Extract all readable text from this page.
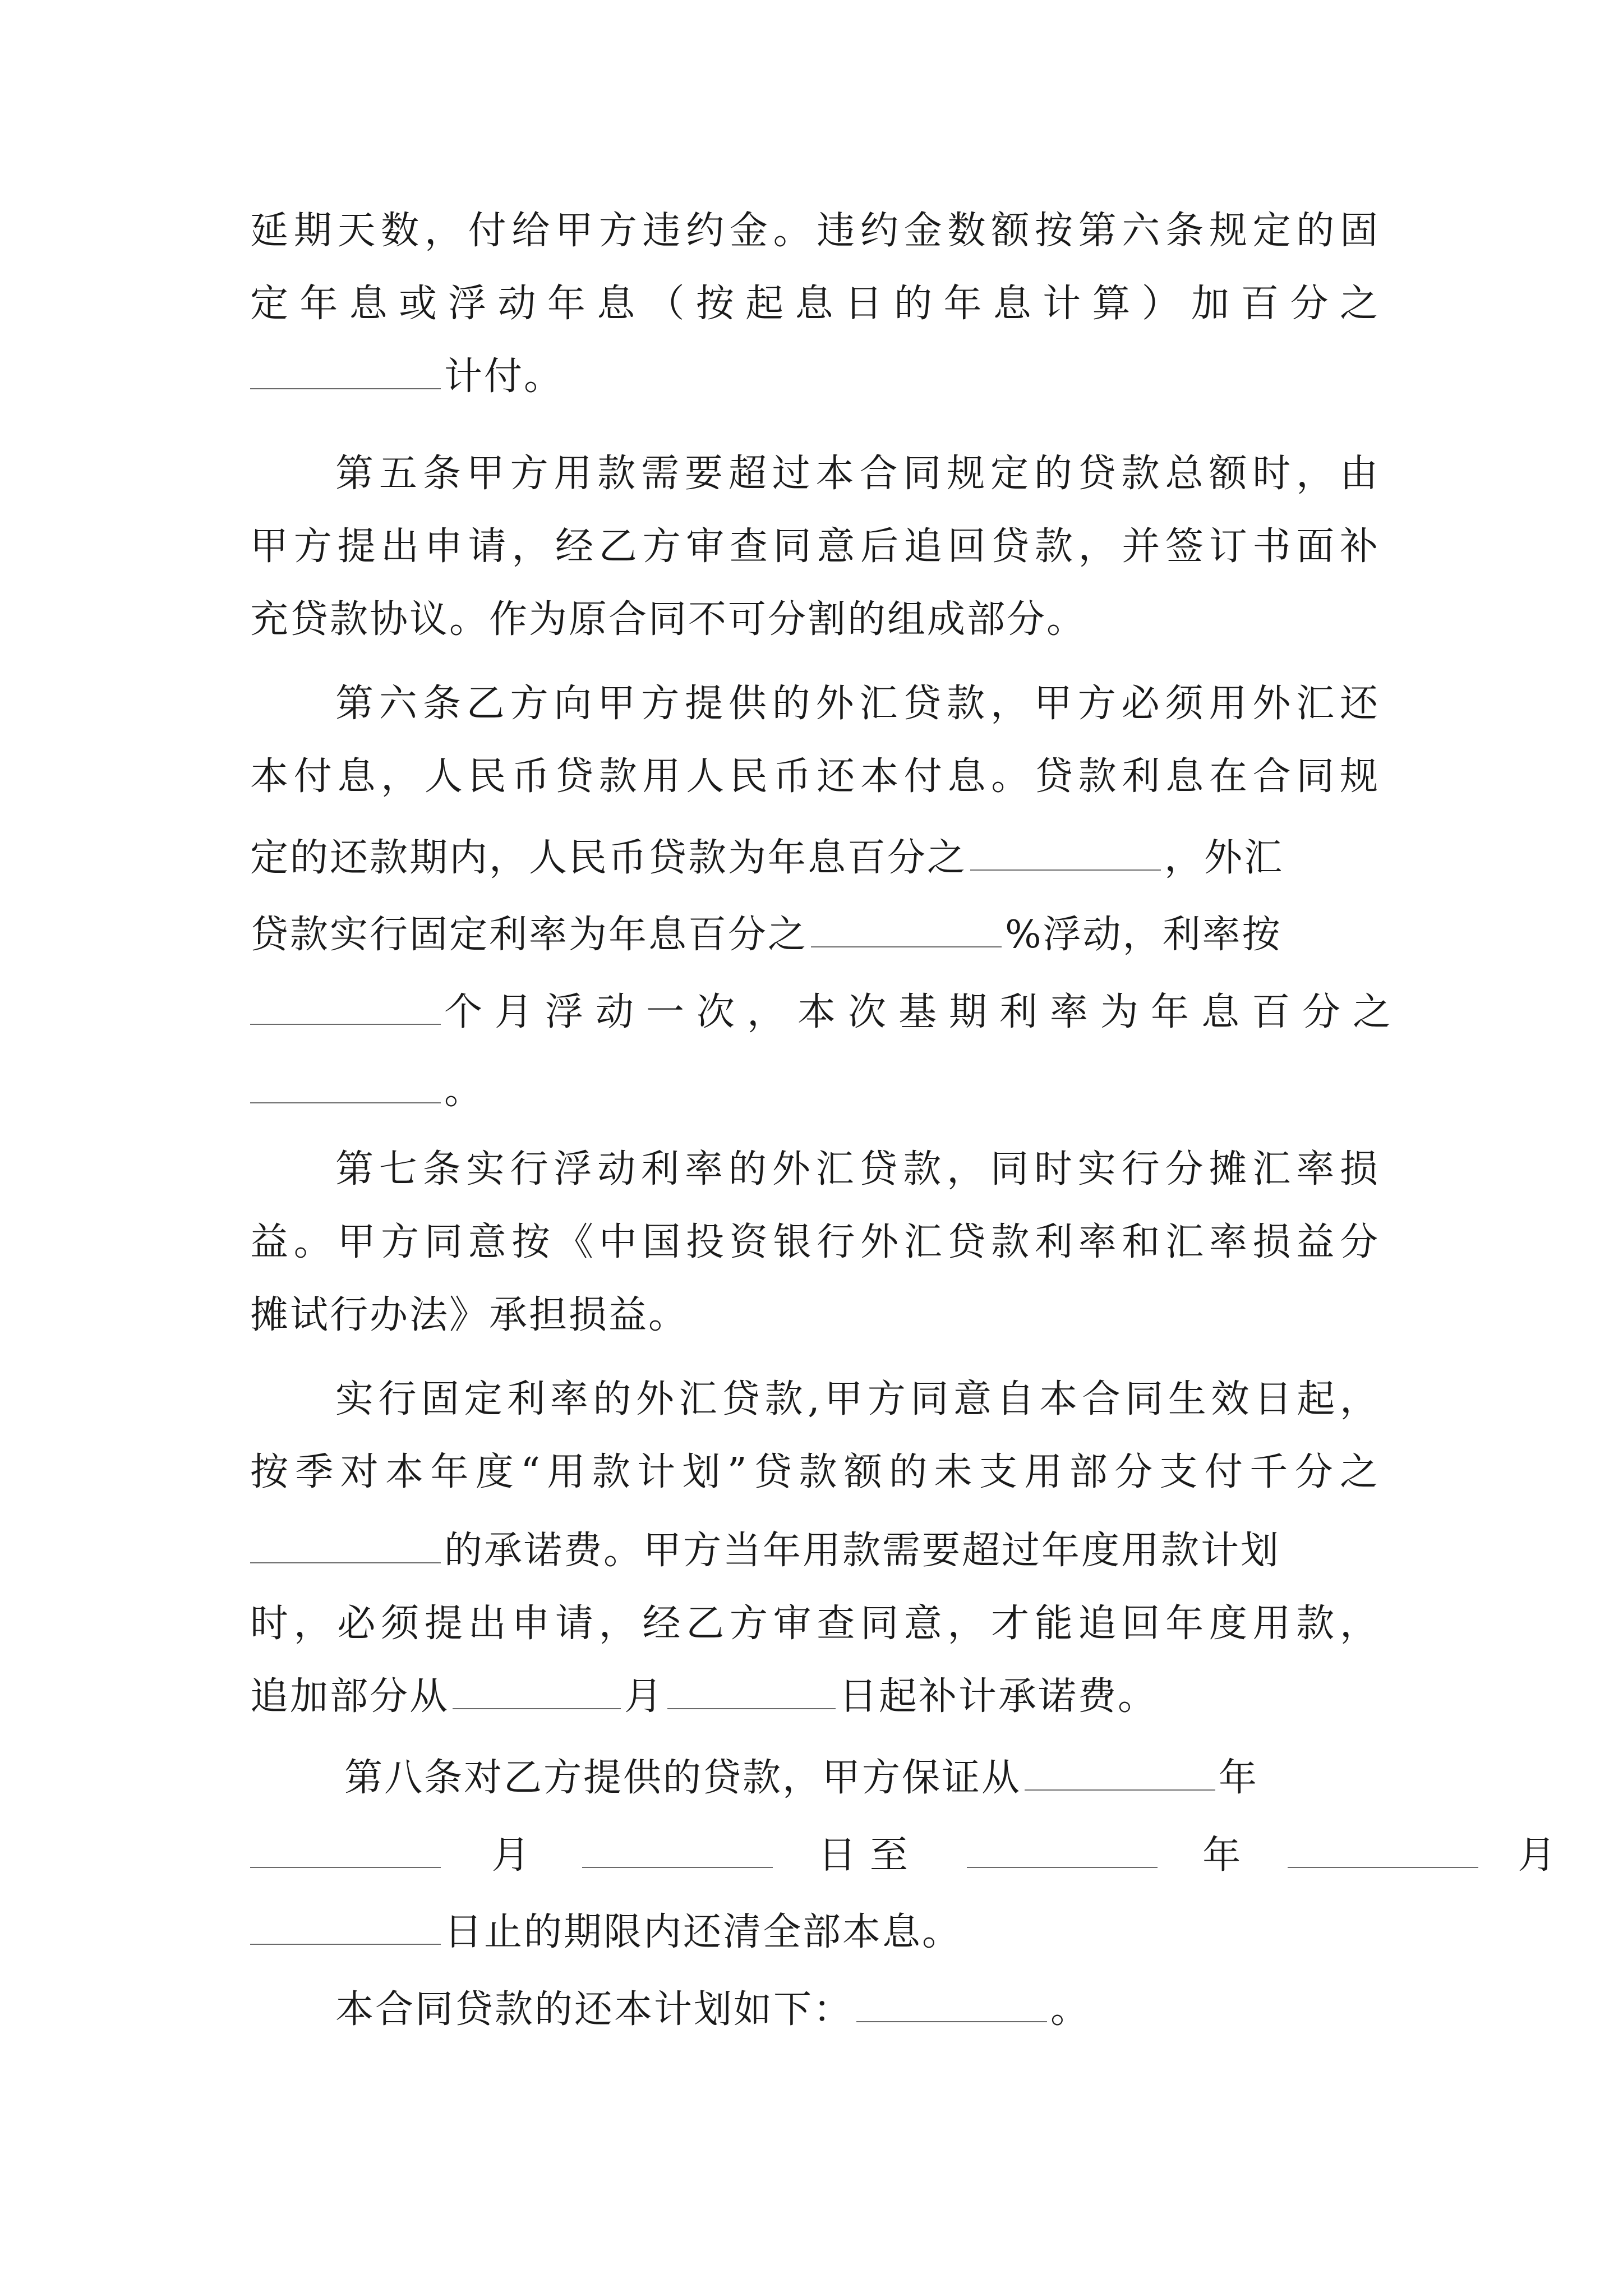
延期天数，付给甲方违约金。违约金数额按第六条规定的固
定年息或浮动年息（按起息日的年息计算）加百分之
计付。
第五条甲方用款需要超过本合同规定的贷款总额时，由
甲方提出申请，经乙方审查同意后追回贷款，并签订书面补
充贷款协议。作为原合同不可分割的组成部分。
第六条乙方向甲方提供的外汇贷款，甲方必须用外汇还
本付息，人民币贷款用人民币还本付息。贷款利息在合同规
定的还款期内，人民币贷款为年息百分之	，外汇
贷款实行固定利率为年息百分之	%浮动，利率按
个月浮动一次，本次基期利率为年息百分之
。
第七条实行浮动利率的外汇贷款，同时实行分摊汇率损
益。甲方同意按《中国投资银行外汇贷款利率和汇率损益分
摊试行办法》承担损益。
实行固定利率的外汇贷款,甲方同意自本合同生效日起，
按季对本年度“用款计划”贷款额的未支用部分支付千分之
的承诺费。甲方当年用款需要超过年度用款计划
时，必须提出申请，经乙方审查同意，才能追回年度用款，
追加部分从	月	日起补计承诺费。
第八条对乙方提供的贷款，甲方保证从	年
月	日至	年	月
日止的期限内还清全部本息。
本合同贷款的还本计划如下：	。
